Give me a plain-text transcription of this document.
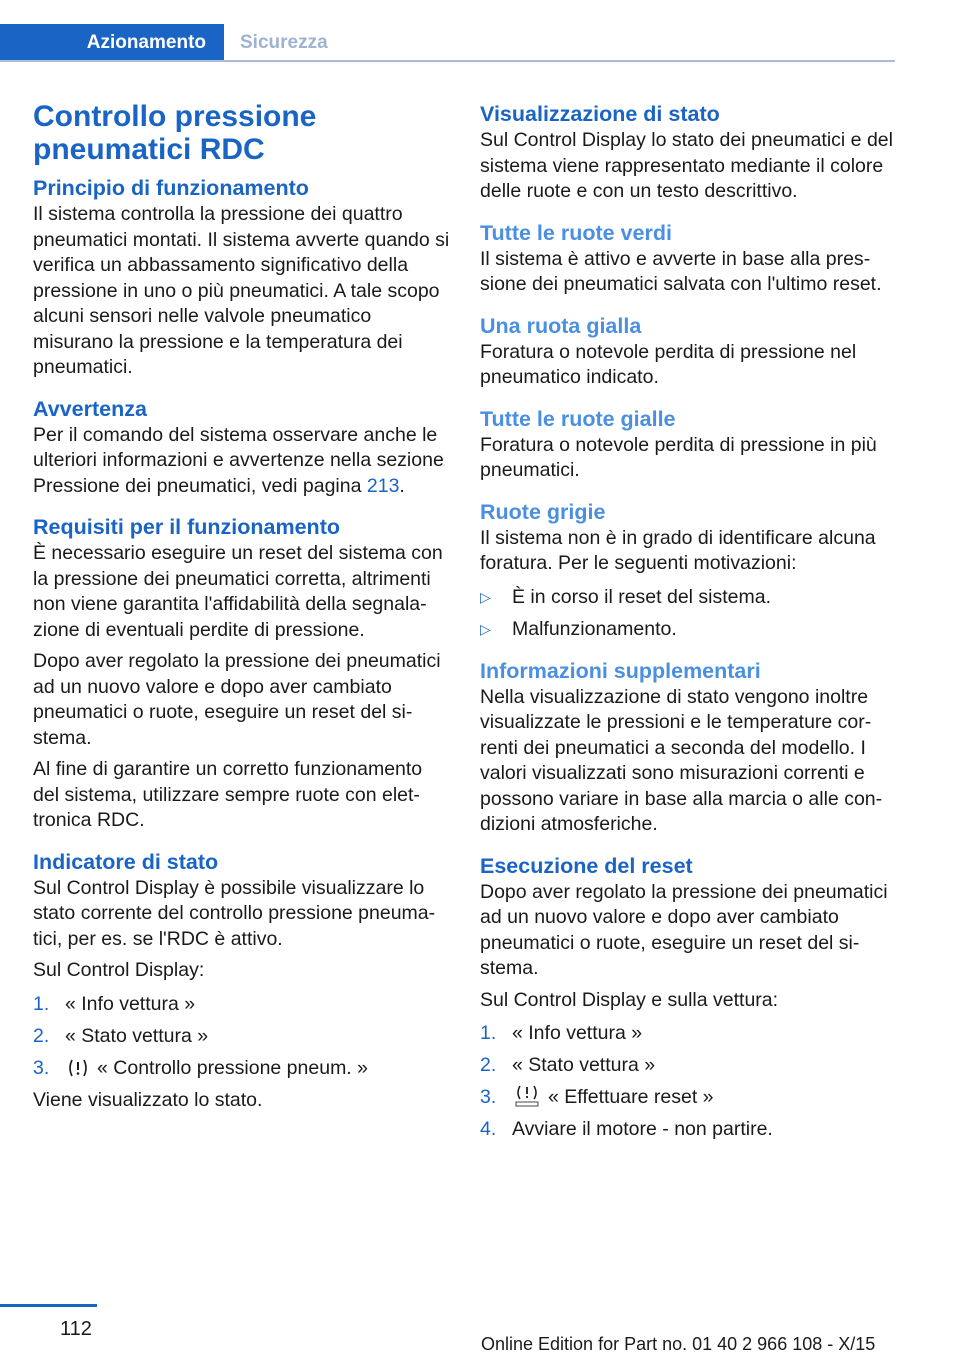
Azionamento	Sicurezza
Controllo pressione pneumatici RDC
Principio di funzionamento

Il sistema controlla la pressione dei quattro pneumatici montati. Il sistema avverte quando si verifica un abbassamento significativo della pressione in uno o più pneumatici. A tale scopo alcuni sensori nelle valvole pneumatico misurano la pressione e la temperatura dei pneumatici.

Avvertenza

Per il comando del sistema osservare anche le ulteriori informazioni e avvertenze nella sezione Pressione dei pneumatici, vedi pagina 213.

Requisiti per il funzionamento

È necessario eseguire un reset del sistema con la pressione dei pneumatici corretta, altrimenti non viene garantita l'affidabilità della segnalazione di eventuali perdite di pressione.

Dopo aver regolato la pressione dei pneumatici ad un nuovo valore e dopo aver cambiato pneumatici o ruote, eseguire un reset del sistema.

Al fine di garantire un corretto funzionamento del sistema, utilizzare sempre ruote con elettronica RDC.

Indicatore di stato

Sul Control Display è possibile visualizzare lo stato corrente del controllo pressione pneumatici, per es. se l'RDC è attivo.

Sul Control Display:

1. « Info vettura »
2. « Stato vettura »
3.	« Controllo pressione pneum. »

Viene visualizzato lo stato.

Visualizzazione di stato

Sul Control Display lo stato dei pneumatici e del sistema viene rappresentato mediante il colore delle ruote e con un testo descrittivo.

Tutte le ruote verdi

Il sistema è attivo e avverte in base alla pressione dei pneumatici salvata con l'ultimo reset.

Una ruota gialla

Foratura o notevole perdita di pressione nel pneumatico indicato.

Tutte le ruote gialle

Foratura o notevole perdita di pressione in più pneumatici.

Ruote grigie

Il sistema non è in grado di identificare alcuna foratura. Per le seguenti motivazioni:

▷	È in corso il reset del sistema.
▷	Malfunzionamento.
Informazioni supplementari

Nella visualizzazione di stato vengono inoltre visualizzate le pressioni e le temperature correnti dei pneumatici a seconda del modello. I valori visualizzati sono misurazioni correnti e possono variare in base alla marcia o alle condizioni atmosferiche.

Esecuzione del reset

Dopo aver regolato la pressione dei pneumatici ad un nuovo valore e dopo aver cambiato pneumatici o ruote, eseguire un reset del sistema.

Sul Control Display e sulla vettura:

1. « Info vettura »
2. « Stato vettura »
3.	« Effettuare reset »
4. Avviare il motore - non partire.
112
Online Edition for Part no. 01 40 2 966 108 - X/15
